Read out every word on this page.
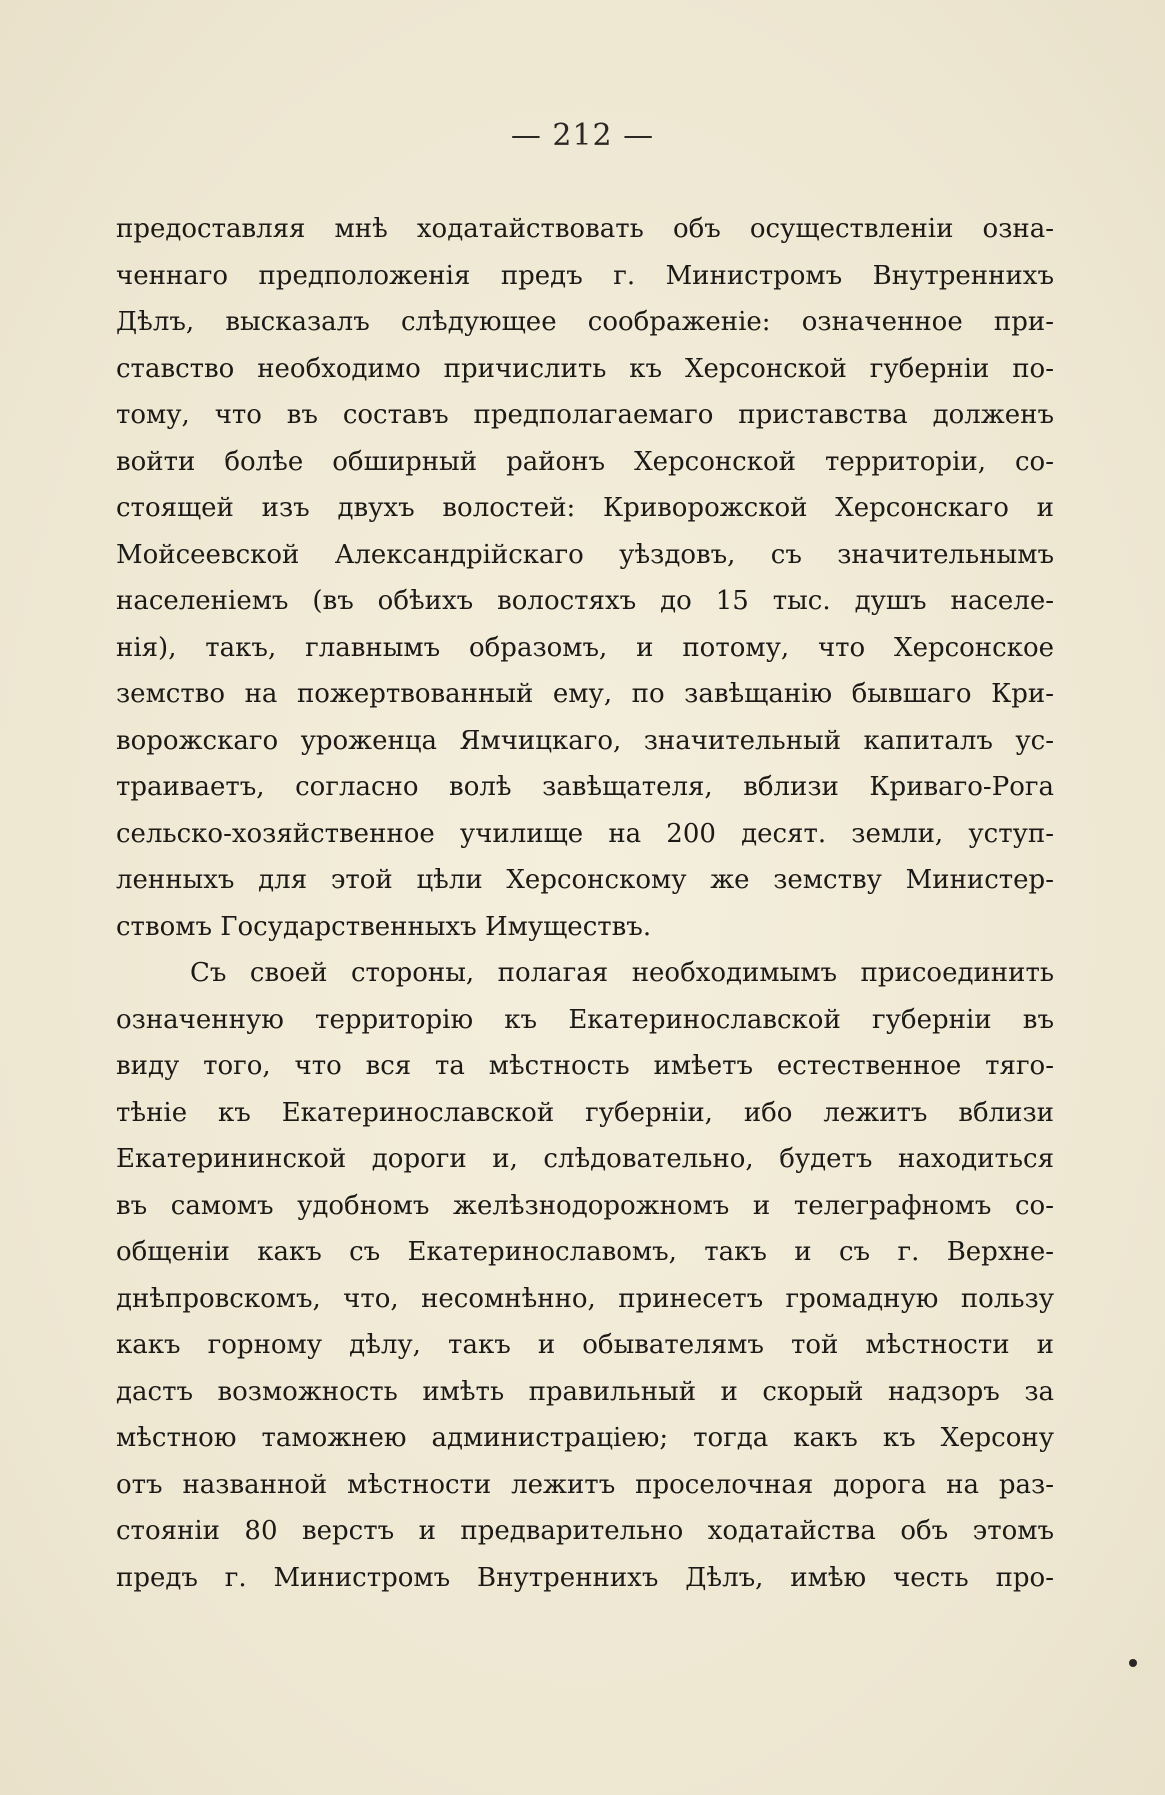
— 212 —
предоставляя мнѣ ходатайствовать объ осуществленіи озна-
ченнаго предположенія предъ г. Министромъ Внутреннихъ
Дѣлъ, высказалъ слѣдующее соображеніе: означенное при-
ставство необходимо причислить къ Херсонской губерніи по-
тому, что въ составъ предполагаемаго приставства долженъ
войти болѣе обширный районъ Херсонской территоріи, со-
стоящей изъ двухъ волостей: Криворожской Херсонскаго и
Мойсеевской Александрійскаго уѣздовъ, съ значительнымъ
населеніемъ (въ обѣихъ волостяхъ до 15 тыс. душъ населе-
нія), такъ, главнымъ образомъ, и потому, что Херсонское
земство на пожертвованный ему, по завѣщанію бывшаго Кри-
ворожскаго уроженца Ямчицкаго, значительный капиталъ ус-
траиваетъ, согласно волѣ завѣщателя, вблизи Криваго-Рога
сельско-хозяйственное училище на 200 десят. земли, уступ-
ленныхъ для этой цѣли Херсонскому же земству Министер-
ствомъ Государственныхъ Имуществъ.
Съ своей стороны, полагая необходимымъ присоединить
означенную территорію къ Екатеринославской губерніи въ
виду того, что вся та мѣстность имѣетъ естественное тяго-
тѣніе къ Екатеринославской губерніи, ибо лежитъ вблизи
Екатерининской дороги и, слѣдовательно, будетъ находиться
въ самомъ удобномъ желѣзнодорожномъ и телеграфномъ со-
общеніи какъ съ Екатеринославомъ, такъ и съ г. Верхне-
днѣпровскомъ, что, несомнѣнно, принесетъ громадную пользу
какъ горному дѣлу, такъ и обывателямъ той мѣстности и
дастъ возможность имѣть правильный и скорый надзоръ за
мѣстною таможнею администраціею; тогда какъ къ Херсону
отъ названной мѣстности лежитъ проселочная дорога на раз-
стояніи 80 верстъ и предварительно ходатайства объ этомъ
предъ г. Министромъ Внутреннихъ Дѣлъ, имѣю честь про-
